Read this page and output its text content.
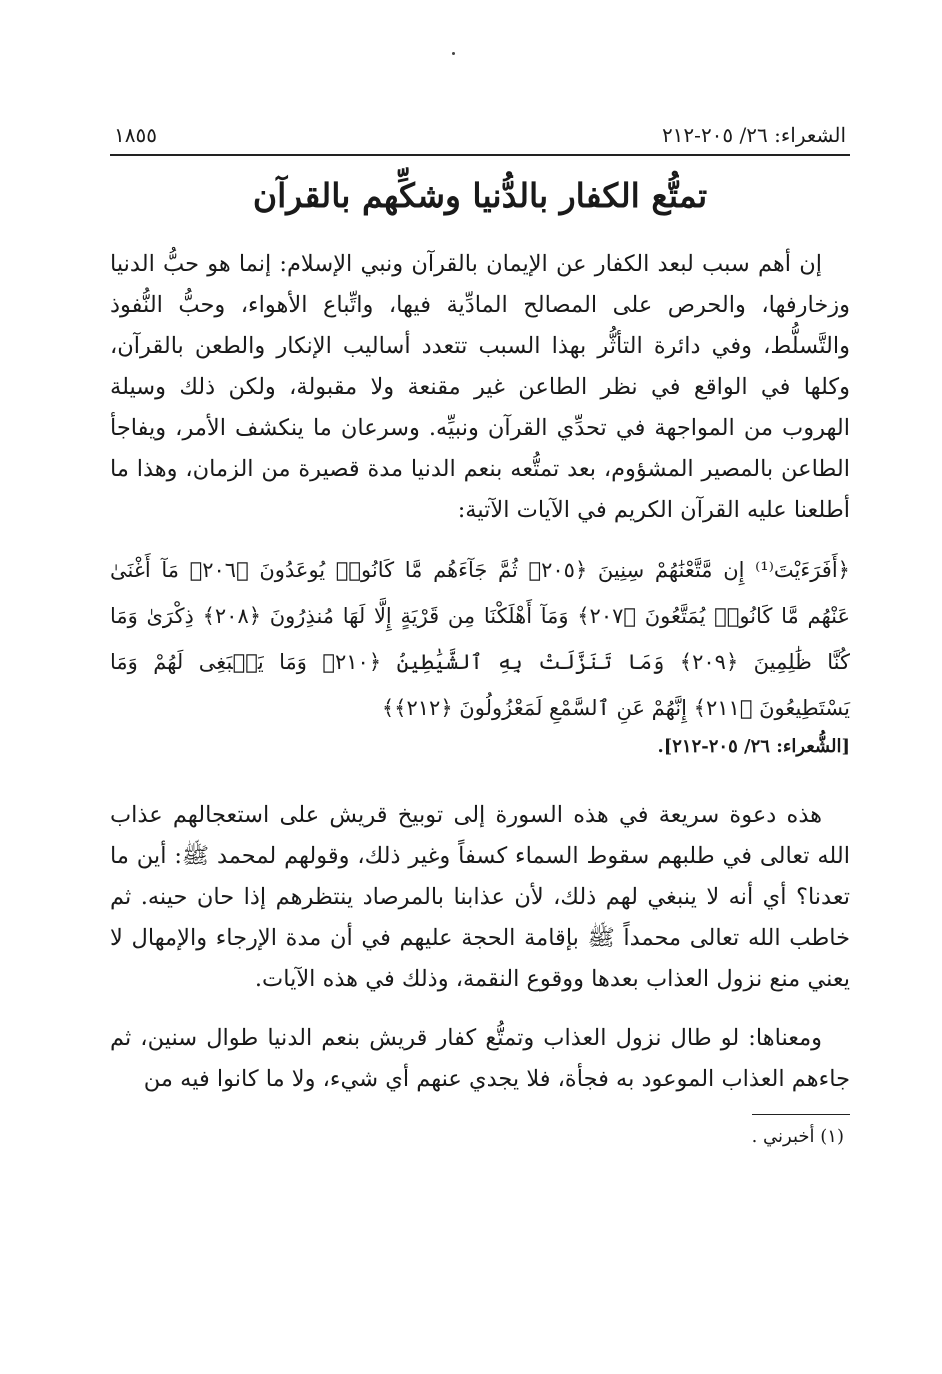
الشعراء: ٢٦/ ٢٠٥-٢١٢
١٨٥٥
تمتُّع الكفار بالدُّنيا وشكِّهم بالقرآن

إن أهم سبب لبعد الكفار عن الإيمان بالقرآن ونبي الإسلام: إنما هو حبُّ الدنيا وزخارفها، والحرص على المصالح المادِّية فيها، واتِّباع الأهواء، وحبُّ النُّفوذ والتَّسلُّط، وفي دائرة التأثُّر بهذا السبب تتعدد أساليب الإنكار والطعن بالقرآن، وكلها في الواقع في نظر الطاعن غير مقنعة ولا مقبولة، ولكن ذلك وسيلة الهروب من المواجهة في تحدِّي القرآن ونبيِّه. وسرعان ما ينكشف الأمر، ويفاجأ الطاعن بالمصير المشؤوم، بعد تمتُّعه بنعم الدنيا مدة قصيرة من الزمان، وهذا ما أطلعنا عليه القرآن الكريم في الآيات الآتية:

﴿أَفَرَءَيْتَ⁽¹⁾ إِن مَّتَّعْنَٰهُمْ سِنِينَ ﴿٢٠٥﴾ ثُمَّ جَآءَهُم مَّا كَانُوا۟ يُوعَدُونَ ﴿٢٠٦﴾ مَآ أَغْنَىٰ عَنْهُم مَّا كَانُوا۟ يُمَتَّعُونَ ﴿٢٠٧﴾ وَمَآ أَهْلَكْنَا مِن قَرْيَةٍ إِلَّا لَهَا مُنذِرُونَ ﴿٢٠٨﴾ ذِكْرَىٰ وَمَا كُنَّا ظَٰلِمِينَ ﴿٢٠٩﴾ وَمَا تَنَزَّلَتْ بِهِ ٱلشَّيَٰطِينُ ﴿٢١٠﴾ وَمَا يَنۢبَغِى لَهُمْ وَمَا يَسْتَطِيعُونَ ﴿٢١١﴾ إِنَّهُمْ عَنِ ٱلسَّمْعِ لَمَعْزُولُونَ ﴿٢١٢﴾﴾

[الشُّعراء: ٢٦/ ٢٠٥-٢١٢].

هذه دعوة سريعة في هذه السورة إلى توبيخ قريش على استعجالهم عذاب الله تعالى في طلبهم سقوط السماء كسفاً وغير ذلك، وقولهم لمحمد ﷺ: أين ما تعدنا؟ أي أنه لا ينبغي لهم ذلك، لأن عذابنا بالمرصاد ينتظرهم إذا حان حينه. ثم خاطب الله تعالى محمداً ﷺ بإقامة الحجة عليهم في أن مدة الإرجاء والإمهال لا يعني منع نزول العذاب بعدها ووقوع النقمة، وذلك في هذه الآيات.

ومعناها: لو طال نزول العذاب وتمتُّع كفار قريش بنعم الدنيا طوال سنين، ثم جاءهم العذاب الموعود به فجأة، فلا يجدي عنهم أي شيء، ولا ما كانوا فيه من

(١) أخبرني .
